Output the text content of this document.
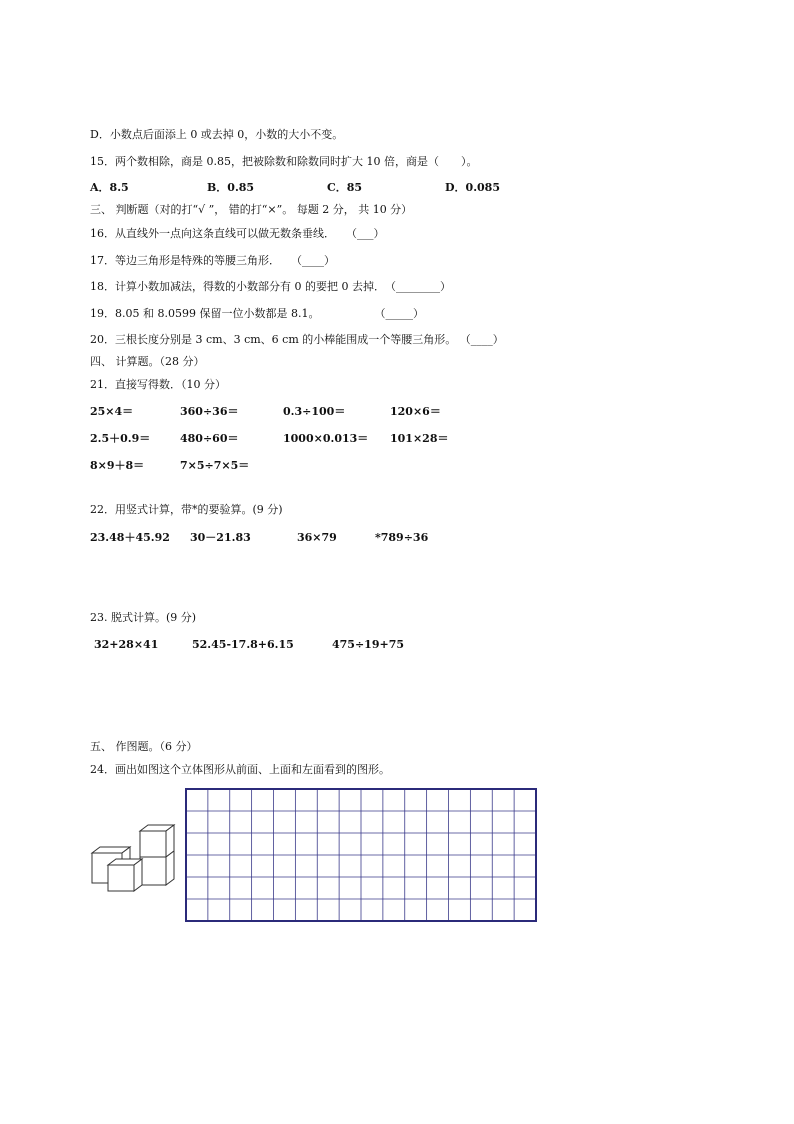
D．小数点后面添上 0 或去掉 0，小数的大小不变。
15．两个数相除，商是 0.85，把被除数和除数同时扩大 10 倍，商是（　　）。
A．8.5	B．0.85	C．85	D．0.085
三、 判断题（对的打“√ ”， 错的打“×”。 每题 2 分， 共 10 分）
16．从直线外一点向这条直线可以做无数条垂线．　　（___）
17．等边三角形是特殊的等腰三角形．　　（____）
18．计算小数加减法，得数的小数部分有 0 的要把 0 去掉．　（________）
19．8.05 和 8.0599 保留一位小数都是 8.1。　　　　　　（_____）
20．三根长度分别是 3 cm、3 cm、6 cm 的小棒能围成一个等腰三角形。 （____）
四、 计算题。（28 分）
21．直接写得数．（10 分）
25×4＝	360÷36＝	0.3÷100＝	120×6＝
2.5＋0.9＝	480÷60＝	1000×0.013＝ 101×28＝
8×9＋8＝	7×5÷7×5＝
22．用竖式计算，带*的要验算。(9 分)
23.48＋45.92 30－21.83	36×79	*789÷36
23. 脱式计算。(9 分)
32+28×41	52.45-17.8+6.15	475÷19+75
五、 作图题。（6 分）
24．画出如图这个立体图形从前面、上面和左面看到的图形。
